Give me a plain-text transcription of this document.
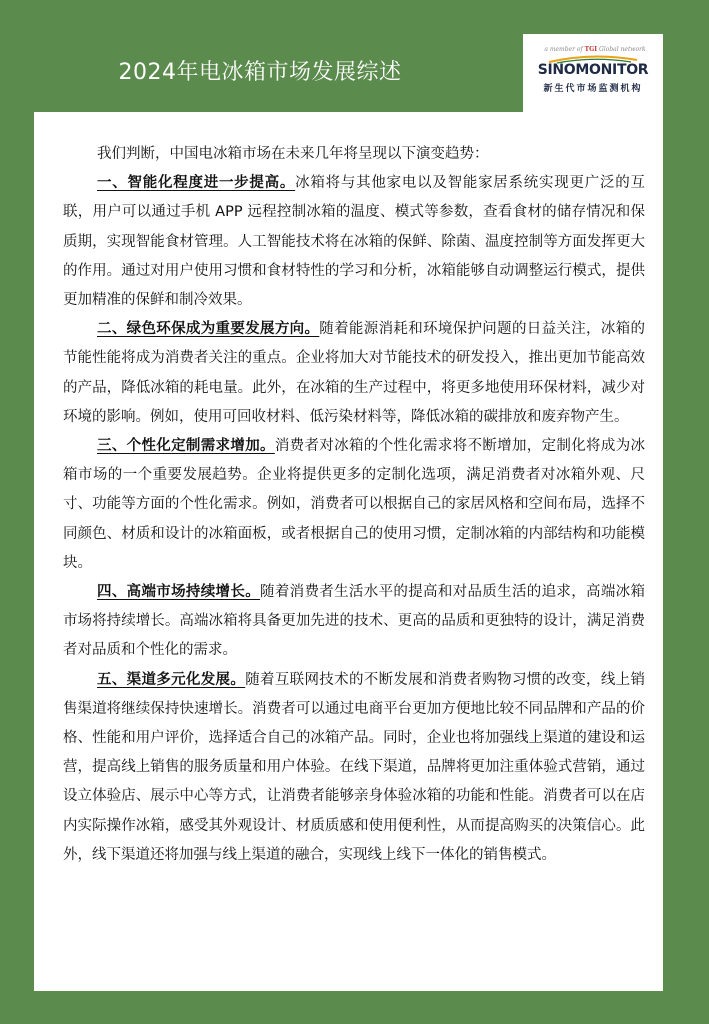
2024年电冰箱市场发展综述
a member of TGI Global network
SINOMONITOR
新生代市场监测机构

我们判断，中国电冰箱市场在未来几年将呈现以下演变趋势：

一、智能化程度进一步提高。冰箱将与其他家电以及智能家居系统实现更广泛的互联，用户可以通过手机 APP 远程控制冰箱的温度、模式等参数，查看食材的储存情况和保质期，实现智能食材管理。人工智能技术将在冰箱的保鲜、除菌、温度控制等方面发挥更大的作用。通过对用户使用习惯和食材特性的学习和分析，冰箱能够自动调整运行模式，提供更加精准的保鲜和制冷效果。

二、绿色环保成为重要发展方向。随着能源消耗和环境保护问题的日益关注，冰箱的节能性能将成为消费者关注的重点。企业将加大对节能技术的研发投入，推出更加节能高效的产品，降低冰箱的耗电量。此外，在冰箱的生产过程中，将更多地使用环保材料，减少对环境的影响。例如，使用可回收材料、低污染材料等，降低冰箱的碳排放和废弃物产生。

三、个性化定制需求增加。消费者对冰箱的个性化需求将不断增加，定制化将成为冰箱市场的一个重要发展趋势。企业将提供更多的定制化选项，满足消费者对冰箱外观、尺寸、功能等方面的个性化需求。例如，消费者可以根据自己的家居风格和空间布局，选择不同颜色、材质和设计的冰箱面板，或者根据自己的使用习惯，定制冰箱的内部结构和功能模块。

四、高端市场持续增长。随着消费者生活水平的提高和对品质生活的追求，高端冰箱市场将持续增长。高端冰箱将具备更加先进的技术、更高的品质和更独特的设计，满足消费者对品质和个性化的需求。

五、渠道多元化发展。随着互联网技术的不断发展和消费者购物习惯的改变，线上销售渠道将继续保持快速增长。消费者可以通过电商平台更加方便地比较不同品牌和产品的价格、性能和用户评价，选择适合自己的冰箱产品。同时，企业也将加强线上渠道的建设和运营，提高线上销售的服务质量和用户体验。在线下渠道，品牌将更加注重体验式营销，通过设立体验店、展示中心等方式，让消费者能够亲身体验冰箱的功能和性能。消费者可以在店内实际操作冰箱，感受其外观设计、材质质感和使用便利性，从而提高购买的决策信心。此外，线下渠道还将加强与线上渠道的融合，实现线上线下一体化的销售模式。
